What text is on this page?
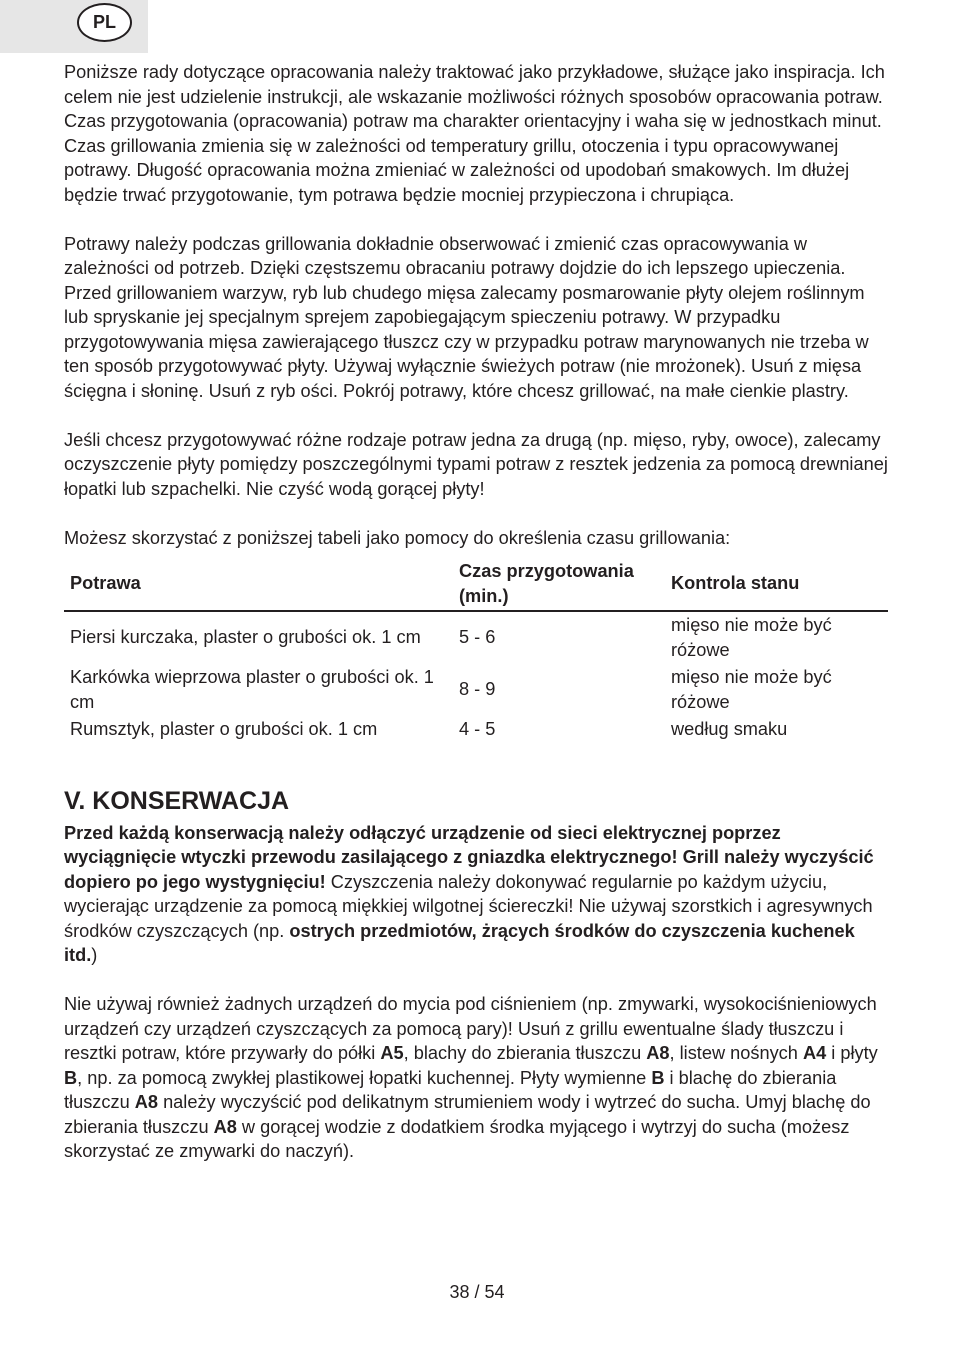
PL

Poniższe rady dotyczące opracowania należy traktować jako przykładowe, służące jako inspiracja. Ich celem nie jest udzielenie instrukcji, ale wskazanie możliwości różnych sposobów opracowania potraw. Czas przygotowania (opracowania) potraw ma charakter orientacyjny i waha się w jednostkach minut. Czas grillowania zmienia się w zależności od temperatury grillu, otoczenia i typu opracowywanej potrawy. Długość opracowania można zmieniać w zależności od upodobań smakowych. Im dłużej będzie trwać przygotowanie, tym potrawa będzie mocniej przypieczona i chrupiąca.

Potrawy należy podczas grillowania dokładnie obserwować i zmienić czas opracowywania w zależności od potrzeb. Dzięki częstszemu obracaniu potrawy dojdzie do ich lepszego upieczenia. Przed grillowaniem warzyw, ryb lub chudego mięsa zalecamy posmarowanie płyty olejem roślinnym lub spryskanie jej specjalnym sprejem zapobiegającym spieczeniu potrawy. W przypadku przygotowywania mięsa zawierającego tłuszcz czy w przypadku potraw marynowanych nie trzeba w ten sposób przygotowywać płyty. Używaj wyłącznie świeżych potraw (nie mrożonek). Usuń z mięsa ścięgna i słoninę. Usuń z ryb ości. Pokrój potrawy, które chcesz grillować, na małe cienkie plastry.

Jeśli chcesz przygotowywać różne rodzaje potraw jedna za drugą (np. mięso, ryby, owoce), zalecamy oczyszczenie płyty pomiędzy poszczególnymi typami potraw z resztek jedzenia za pomocą drewnianej łopatki lub szpachelki. Nie czyść wodą gorącej płyty!

Możesz skorzystać z poniższej tabeli jako pomocy do określenia czasu grillowania:

Potrawa	Czas przygotowania (min.)	Kontrola stanu
Piersi kurczaka, plaster o grubości ok. 1 cm	5 - 6	mięso nie może być różowe
Karkówka wieprzowa plaster o grubości ok. 1 cm	8 - 9	mięso nie może być różowe
Rumsztyk, plaster o grubości ok. 1 cm	4 - 5	według smaku
V. KONSERWACJA

Przed każdą konserwacją należy odłączyć urządzenie od sieci elektrycznej poprzez wyciągnięcie wtyczki przewodu zasilającego z gniazdka elektrycznego! Grill należy wyczyścić dopiero po jego wystygnięciu! Czyszczenia należy dokonywać regularnie po każdym użyciu, wycierając urządzenie za pomocą miękkiej wilgotnej ściereczki! Nie używaj szorstkich i agresywnych środków czyszczących (np. ostrych przedmiotów, żrących środków do czyszczenia kuchenek itd.)

Nie używaj również żadnych urządzeń do mycia pod ciśnieniem (np. zmywarki, wysokociśnieniowych urządzeń czy urządzeń czyszczących za pomocą pary)! Usuń z grillu ewentualne ślady tłuszczu i resztki potraw, które przywarły do półki A5, blachy do zbierania tłuszczu A8, listew nośnych A4 i płyty B, np. za pomocą zwykłej plastikowej łopatki kuchennej. Płyty wymienne B i blachę do zbierania tłuszczu A8 należy wyczyścić pod delikatnym strumieniem wody i wytrzeć do sucha. Umyj blachę do zbierania tłuszczu A8 w gorącej wodzie z dodatkiem środka myjącego i wytrzyj do sucha (możesz skorzystać ze zmywarki do naczyń).

38 / 54
